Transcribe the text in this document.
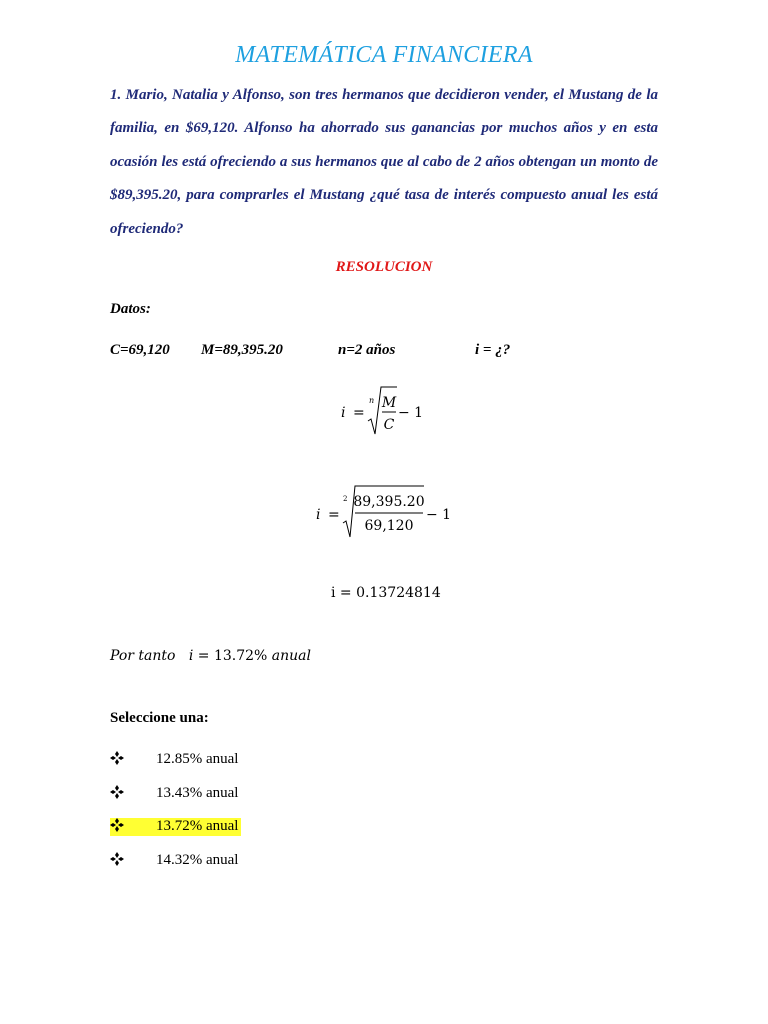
MATEMÁTICA FINANCIERA

1. Mario, Natalia y Alfonso, son tres hermanos que decidieron vender, el Mustang de la familia, en $69,120. Alfonso ha ahorrado sus ganancias por muchos años y en esta ocasión les está ofreciendo a sus hermanos que al cabo de 2 años obtengan un monto de $89,395.20, para comprarles el Mustang ¿qué tasa de interés compuesto anual les está ofreciendo?

RESOLUCION
Datos:
C=69,120 M=89,395.20	n=2 años	i = ¿?
i =
n M
C
− 1
i =
2 89,395.20
69,120
− 1
i = 0.13724814
Por tanto i = 13.72% anual
Seleccione una:
12.85% anual
13.43% anual
13.72% anual
14.32% anual
